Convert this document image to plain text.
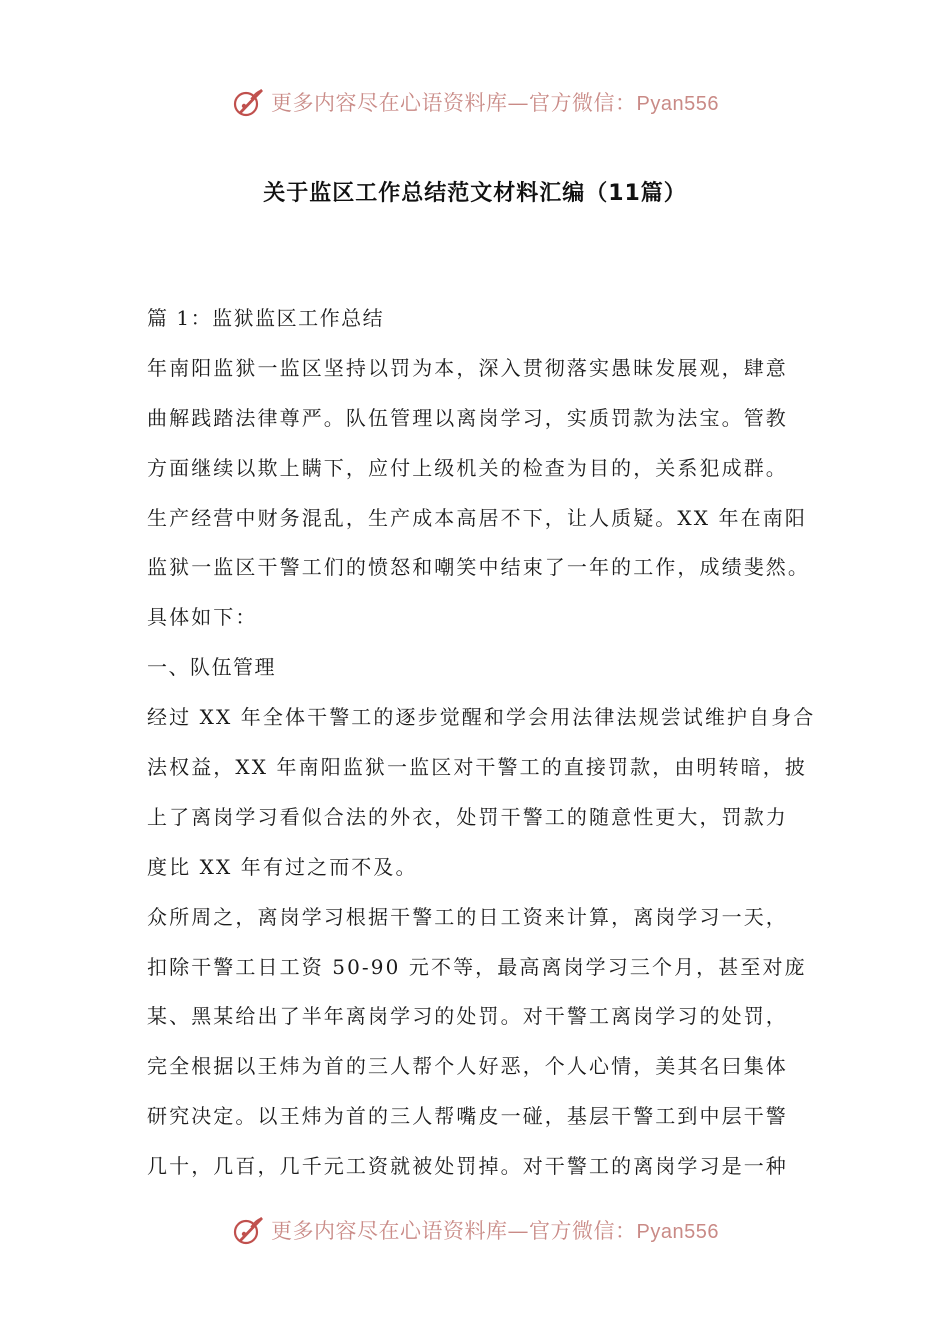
更多内容尽在心语资料库—官方微信：Pyan556
关于监区工作总结范文材料汇编（11篇）
篇 1：监狱监区工作总结
年南阳监狱一监区坚持以罚为本，深入贯彻落实愚昧发展观，肆意
曲解践踏法律尊严。队伍管理以离岗学习，实质罚款为法宝。管教
方面继续以欺上瞒下，应付上级机关的检查为目的，关系犯成群。
生产经营中财务混乱，生产成本高居不下，让人质疑。XX 年在南阳
监狱一监区干警工们的愤怒和嘲笑中结束了一年的工作，成绩斐然。
具体如下：
一、队伍管理
经过 XX 年全体干警工的逐步觉醒和学会用法律法规尝试维护自身合
法权益，XX 年南阳监狱一监区对干警工的直接罚款，由明转暗，披
上了离岗学习看似合法的外衣，处罚干警工的随意性更大，罚款力
度比 XX 年有过之而不及。
众所周之，离岗学习根据干警工的日工资来计算，离岗学习一天，
扣除干警工日工资 50-90 元不等，最高离岗学习三个月，甚至对庞
某、黑某给出了半年离岗学习的处罚。对干警工离岗学习的处罚，
完全根据以王炜为首的三人帮个人好恶，个人心情，美其名曰集体
研究决定。以王炜为首的三人帮嘴皮一碰，基层干警工到中层干警
几十，几百，几千元工资就被处罚掉。对干警工的离岗学习是一种
更多内容尽在心语资料库—官方微信：Pyan556
